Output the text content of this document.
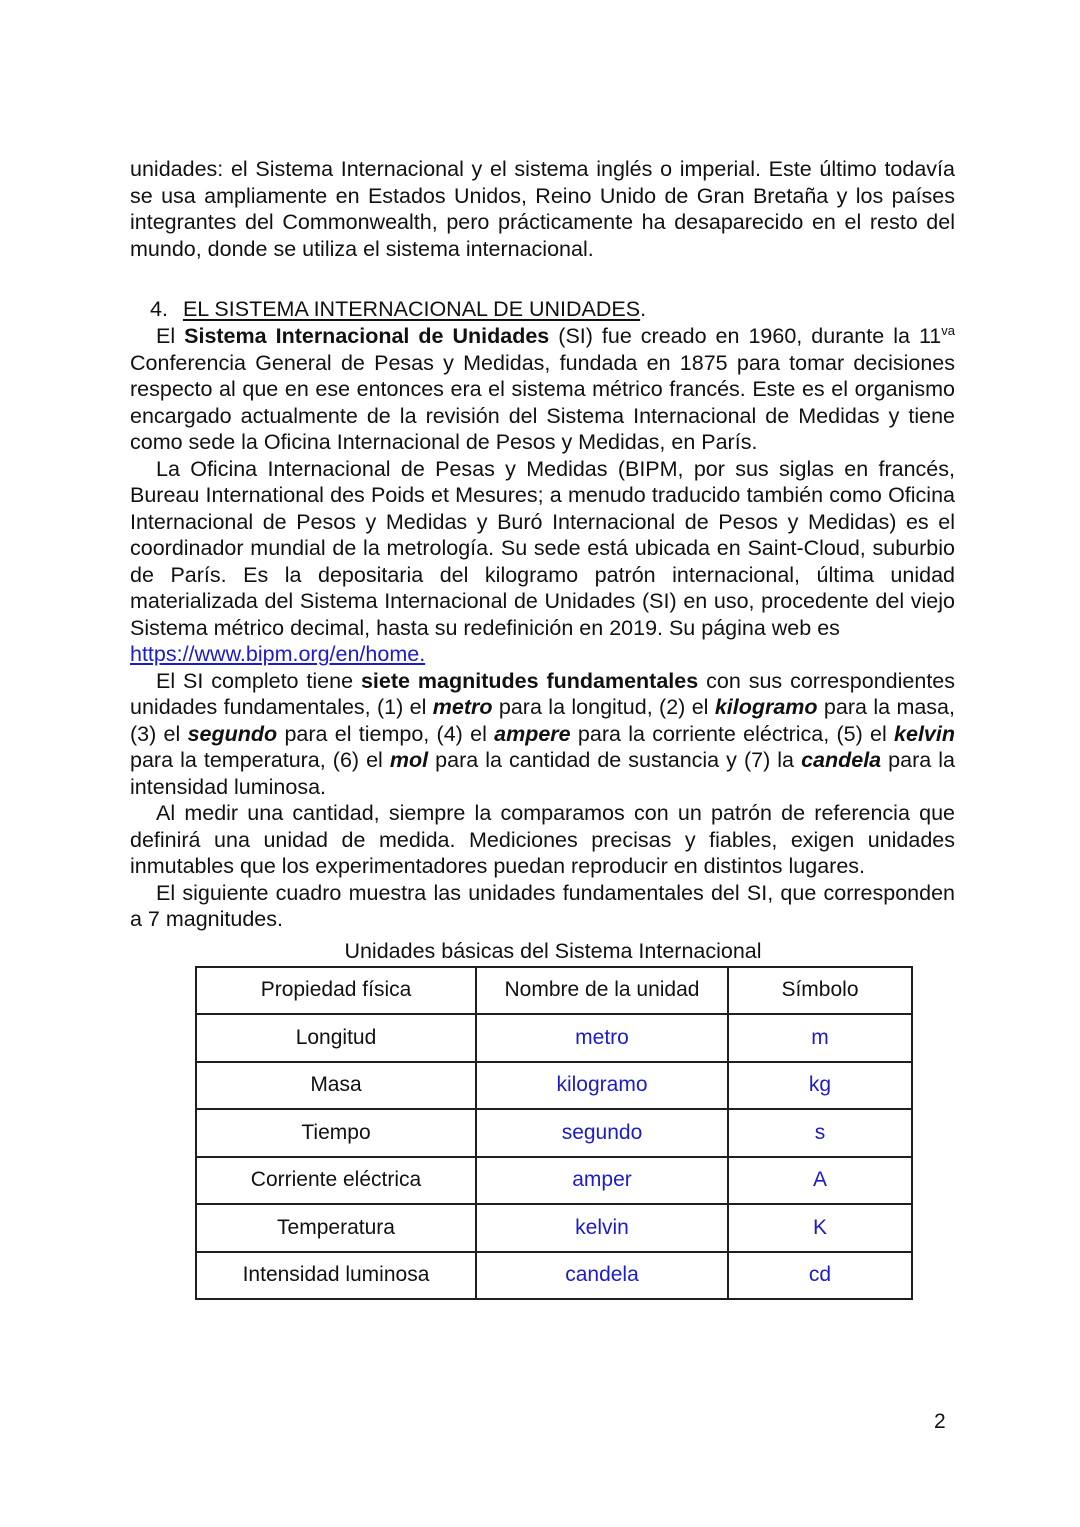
unidades: el Sistema Internacional y el sistema inglés o imperial. Este último todavía se usa ampliamente en Estados Unidos, Reino Unido de Gran Bretaña y los países integrantes del Commonwealth, pero prácticamente ha desaparecido en el resto del mundo, donde se utiliza el sistema internacional.

4. EL SISTEMA INTERNACIONAL DE UNIDADES.

El Sistema Internacional de Unidades (SI) fue creado en 1960, durante la $11^{va}$ Conferencia General de Pesas y Medidas, fundada en 1875 para tomar decisiones respecto al que en ese entonces era el sistema métrico francés. Este es el organismo encargado actualmente de la revisión del Sistema Internacional de Medidas y tiene como sede la Oficina Internacional de Pesos y Medidas, en París.

La Oficina Internacional de Pesas y Medidas (BIPM, por sus siglas en francés, Bureau International des Poids et Mesures; a menudo traducido también como Oficina Internacional de Pesos y Medidas y Buró Internacional de Pesos y Medidas) es el coordinador mundial de la metrología. Su sede está ubicada en Saint-Cloud, suburbio de París. Es la depositaria del kilogramo patrón internacional, última unidad materializada del Sistema Internacional de Unidades (SI) en uso, procedente del viejo Sistema métrico decimal, hasta su redefinición en 2019. Su página web es
https://www.bipm.org/en/home.

El SI completo tiene siete magnitudes fundamentales con sus correspondientes unidades fundamentales, (1) el metro para la longitud, (2) el kilogramo para la masa, (3) el segundo para el tiempo, (4) el ampere para la corriente eléctrica, (5) el kelvin para la temperatura, (6) el mol para la cantidad de sustancia y (7) la candela para la intensidad luminosa.

Al medir una cantidad, siempre la comparamos con un patrón de referencia que definirá una unidad de medida. Mediciones precisas y fiables, exigen unidades inmutables que los experimentadores puedan reproducir en distintos lugares.

El siguiente cuadro muestra las unidades fundamentales del SI, que corresponden a 7 magnitudes.

Unidades básicas del Sistema Internacional
Propiedad física	Nombre de la unidad	Símbolo
Longitud	metro	m
Masa	kilogramo	kg
Tiempo	segundo	s
Corriente eléctrica	amper	A
Temperatura	kelvin	K
Intensidad luminosa	candela	cd
2
